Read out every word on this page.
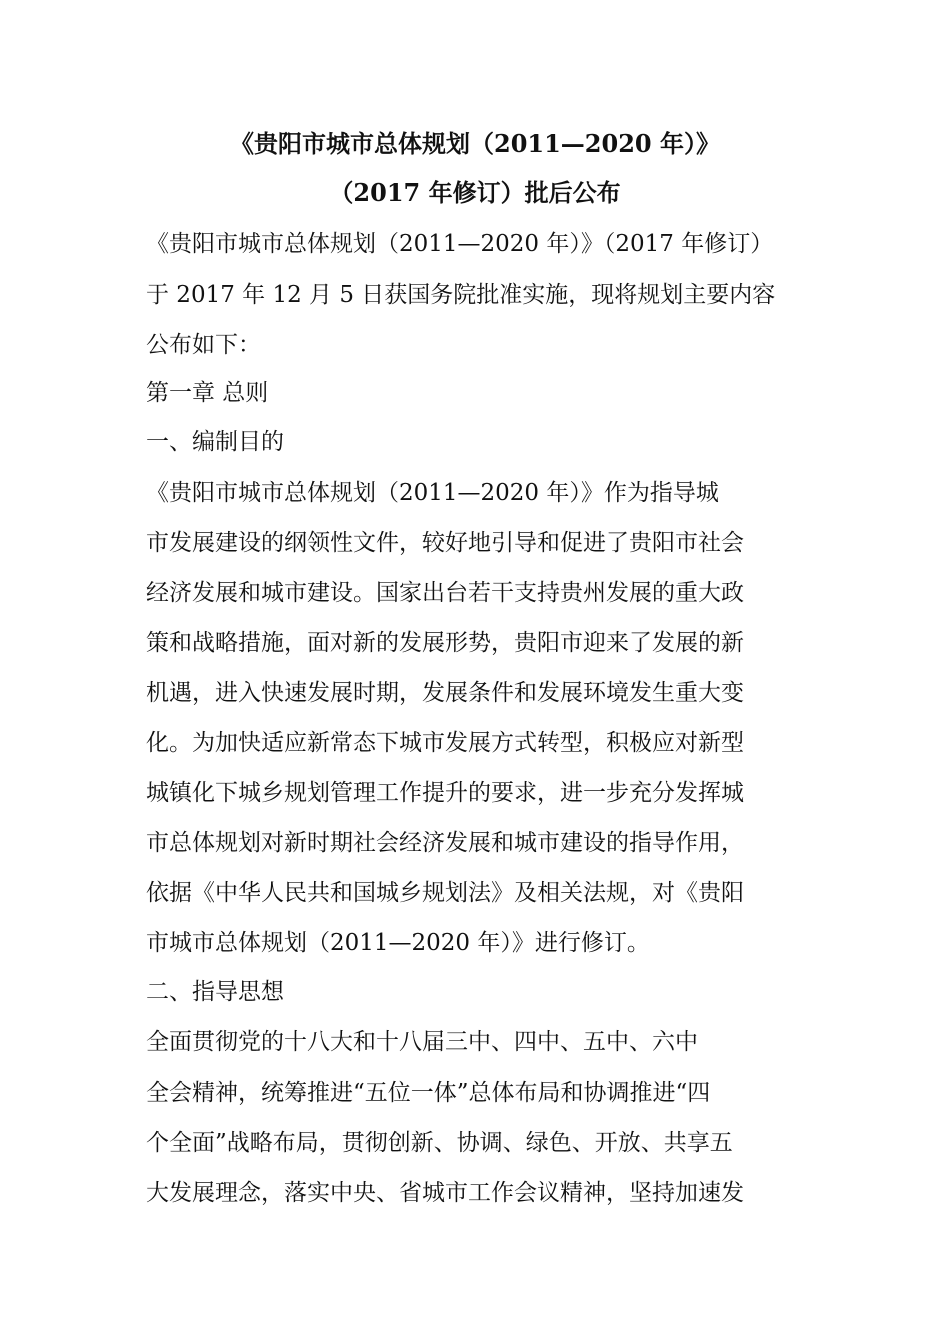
《贵阳市城市总体规划（2011—2020 年）》
（2017 年修订）批后公布
《贵阳市城市总体规划（2011—2020 年）》（2017 年修订）
于 2017 年 12 月 5 日获国务院批准实施，现将规划主要内容
公布如下：
第一章 总则
一、编制目的
《贵阳市城市总体规划（2011—2020 年）》作为指导城
市发展建设的纲领性文件，较好地引导和促进了贵阳市社会
经济发展和城市建设。国家出台若干支持贵州发展的重大政
策和战略措施，面对新的发展形势，贵阳市迎来了发展的新
机遇，进入快速发展时期，发展条件和发展环境发生重大变
化。为加快适应新常态下城市发展方式转型，积极应对新型
城镇化下城乡规划管理工作提升的要求，进一步充分发挥城
市总体规划对新时期社会经济发展和城市建设的指导作用，
依据《中华人民共和国城乡规划法》及相关法规，对《贵阳
市城市总体规划（2011—2020 年）》进行修订。
二、指导思想
全面贯彻党的十八大和十八届三中、四中、五中、六中
全会精神，统筹推进“五位一体”总体布局和协调推进“四
个全面”战略布局，贯彻创新、协调、绿色、开放、共享五
大发展理念，落实中央、省城市工作会议精神，坚持加速发
